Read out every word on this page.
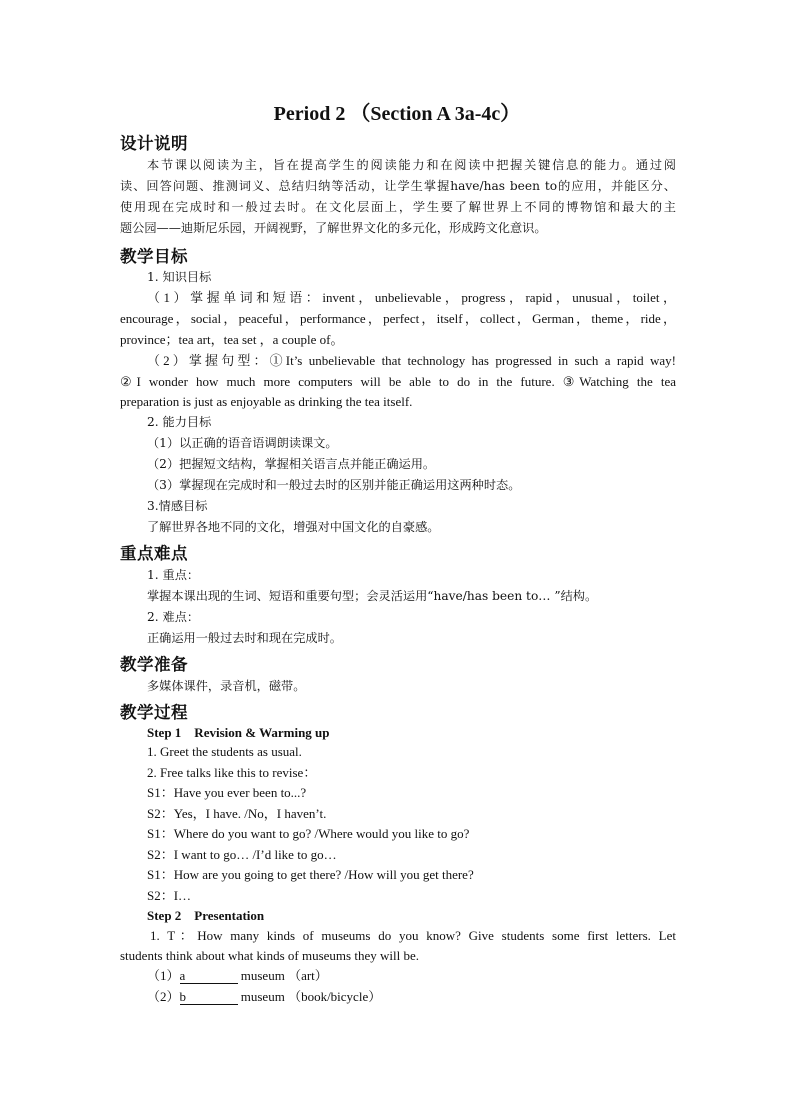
Period 2 （Section A 3a-4c）
设计说明
本节课以阅读为主，旨在提高学生的阅读能力和在阅读中把握关键信息的能力。通过阅
读、回答问题、推测词义、总结归纳等活动，让学生掌握have/has been to的应用，并能区分、
使用现在完成时和一般过去时。在文化层面上，学生要了解世界上不同的博物馆和最大的主
题公园——迪斯尼乐园，开阔视野，了解世界文化的多元化，形成跨文化意识。
教学目标
1. 知识目标
（1）掌握单词和短语：invent，unbelievable，progress，rapid，unusual，toilet，
encourage，social，peaceful，performance，perfect，itself，collect，German，theme，ride，
province；tea art，tea set ，a couple of。
（2）掌握句型：①It’s unbelievable that technology has progressed in such a rapid way!
②I wonder how much more computers will be able to do in the future. ③Watching the tea
preparation is just as enjoyable as drinking the tea itself.
2. 能力目标
（1）以正确的语音语调朗读课文。
（2）把握短文结构，掌握相关语言点并能正确运用。
（3）掌握现在完成时和一般过去时的区别并能正确运用这两种时态。
3.情感目标
了解世界各地不同的文化，增强对中国文化的自豪感。
重点难点
1. 重点：
掌握本课出现的生词、短语和重要句型；会灵活运用“have/has been to… ”结构。
2. 难点：
正确运用一般过去时和现在完成时。
教学准备
多媒体课件，录音机，磁带。
教学过程
Step 1　Revision & Warming up
1. Greet the students as usual.
2. Free talks like this to revise：
S1：Have you ever been to...?
S2：Yes，I have. /No，I haven’t.
S1：Where do you want to go? /Where would you like to go?
S2：I want to go… /I’d like to go…
S1：How are you going to get there? /How will you get there?
S2：I…
Step 2　Presentation
1. T：How many kinds of museums do you know? Give students some first letters. Let
students think about what kinds of museums they will be.
（1）a	museum （art）
（2）b	museum （book/bicycle）
